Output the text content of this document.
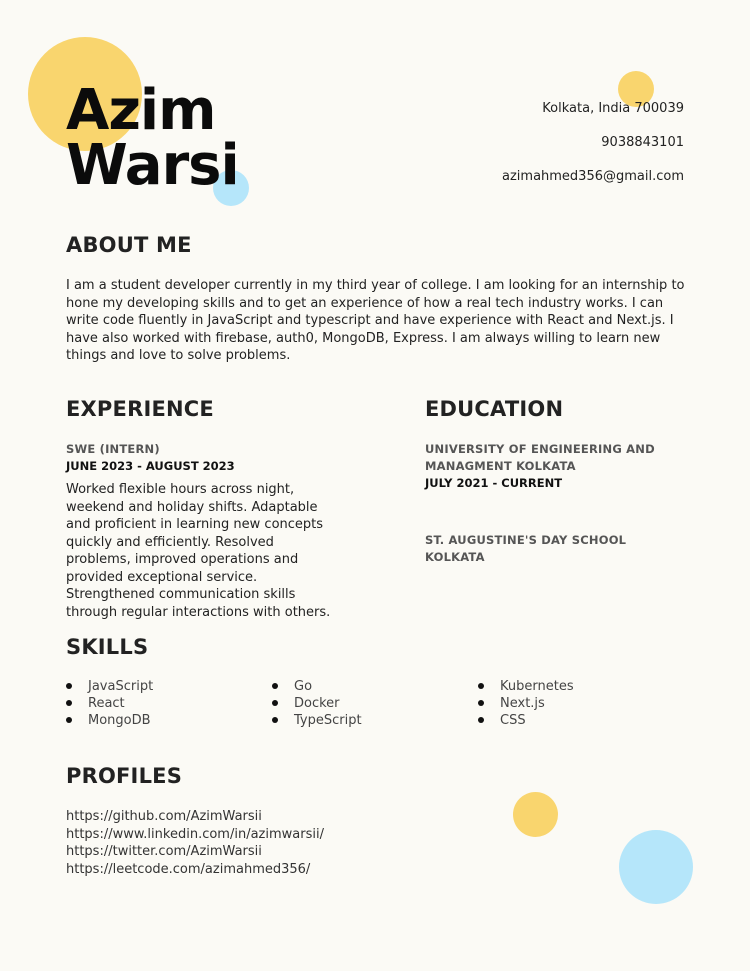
Azim
Warsi
Kolkata, India 700039
9038843101
azimahmed356@gmail.com
ABOUT ME

I am a student developer currently in my third year of college. I am looking for an internship to hone my developing skills and to get an experience of how a real tech industry works. I can write code fluently in JavaScript and typescript and have experience with React and Next.js. I have also worked with firebase, auth0, MongoDB, Express. I am always willing to learn new things and love to solve problems.

EXPERIENCE
SWE (INTERN)
JUNE 2023 - AUGUST 2023

Worked flexible hours across night, weekend and holiday shifts. Adaptable and proficient in learning new concepts quickly and efficiently. Resolved problems, improved operations and provided exceptional service. Strengthened communication skills through regular interactions with others.

EDUCATION
UNIVERSITY OF ENGINEERING AND MANAGMENT KOLKATA
JULY 2021 - CURRENT
ST. AUGUSTINE'S DAY SCHOOL KOLKATA
SKILLS
JavaScript
React
MongoDB
Go
Docker
TypeScript
Kubernetes
Next.js
CSS
PROFILES
https://github.com/AzimWarsii
https://www.linkedin.com/in/azimwarsii/
https://twitter.com/AzimWarsii
https://leetcode.com/azimahmed356/
